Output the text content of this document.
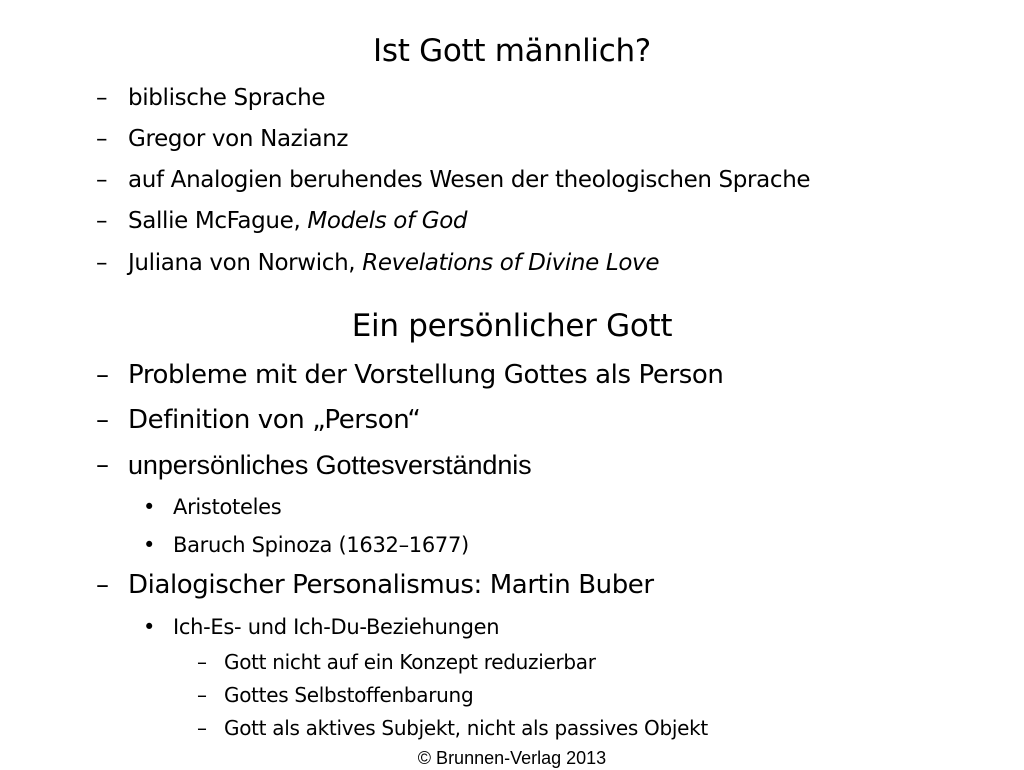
Ist Gott männlich?
– biblische Sprache
– Gregor von Nazianz
– auf Analogien beruhendes Wesen der theologischen Sprache
– Sallie McFague, Models of God
– Juliana von Norwich, Revelations of Divine Love
Ein persönlicher Gott
– Probleme mit der Vorstellung Gottes als Person
– Definition von „Person“
– unpersönliches Gottesverständnis
• Aristoteles
• Baruch Spinoza (1632–1677)
– Dialogischer Personalismus: Martin Buber
• Ich-Es- und Ich-Du-Beziehungen
– Gott nicht auf ein Konzept reduzierbar
– Gottes Selbstoffenbarung
– Gott als aktives Subjekt, nicht als passives Objekt
© Brunnen-Verlag 2013
